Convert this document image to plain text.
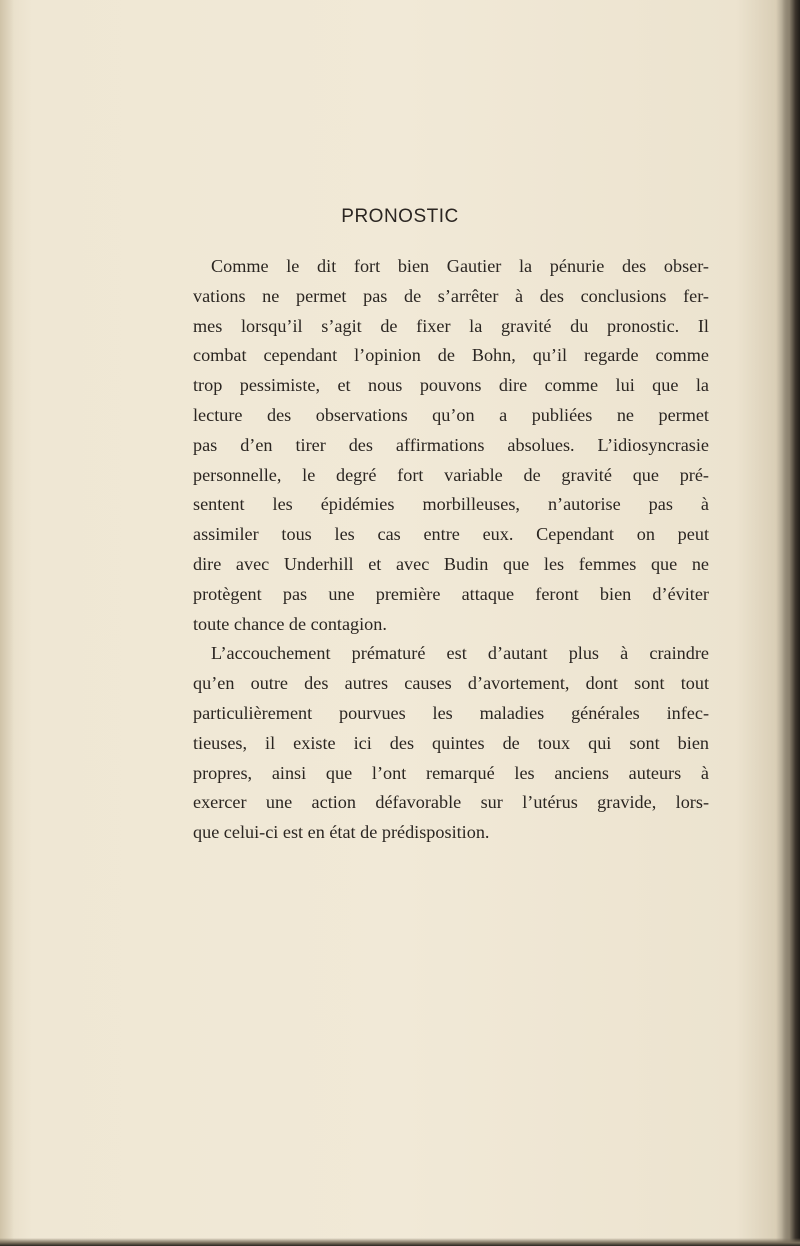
PRONOSTIC
Comme le dit fort bien Gautier la pénurie des obser-
vations ne permet pas de s’arrêter à des conclusions fer-
mes lorsqu’il s’agit de fixer la gravité du pronostic. Il
combat cependant l’opinion de Bohn, qu’il regarde comme
trop pessimiste, et nous pouvons dire comme lui que la
lecture des observations qu’on a publiées ne permet
pas d’en tirer des affirmations absolues. L’idiosyncrasie
personnelle, le degré fort variable de gravité que pré-
sentent les épidémies morbilleuses, n’autorise pas à
assimiler tous les cas entre eux. Cependant on peut
dire avec Underhill et avec Budin que les femmes que ne
protègent pas une première attaque feront bien d’éviter
toute chance de contagion.
L’accouchement prématuré est d’autant plus à craindre
qu’en outre des autres causes d’avortement, dont sont tout
particulièrement pourvues les maladies générales infec-
tieuses, il existe ici des quintes de toux qui sont bien
propres, ainsi que l’ont remarqué les anciens auteurs à
exercer une action défavorable sur l’utérus gravide, lors-
que celui-ci est en état de prédisposition.
